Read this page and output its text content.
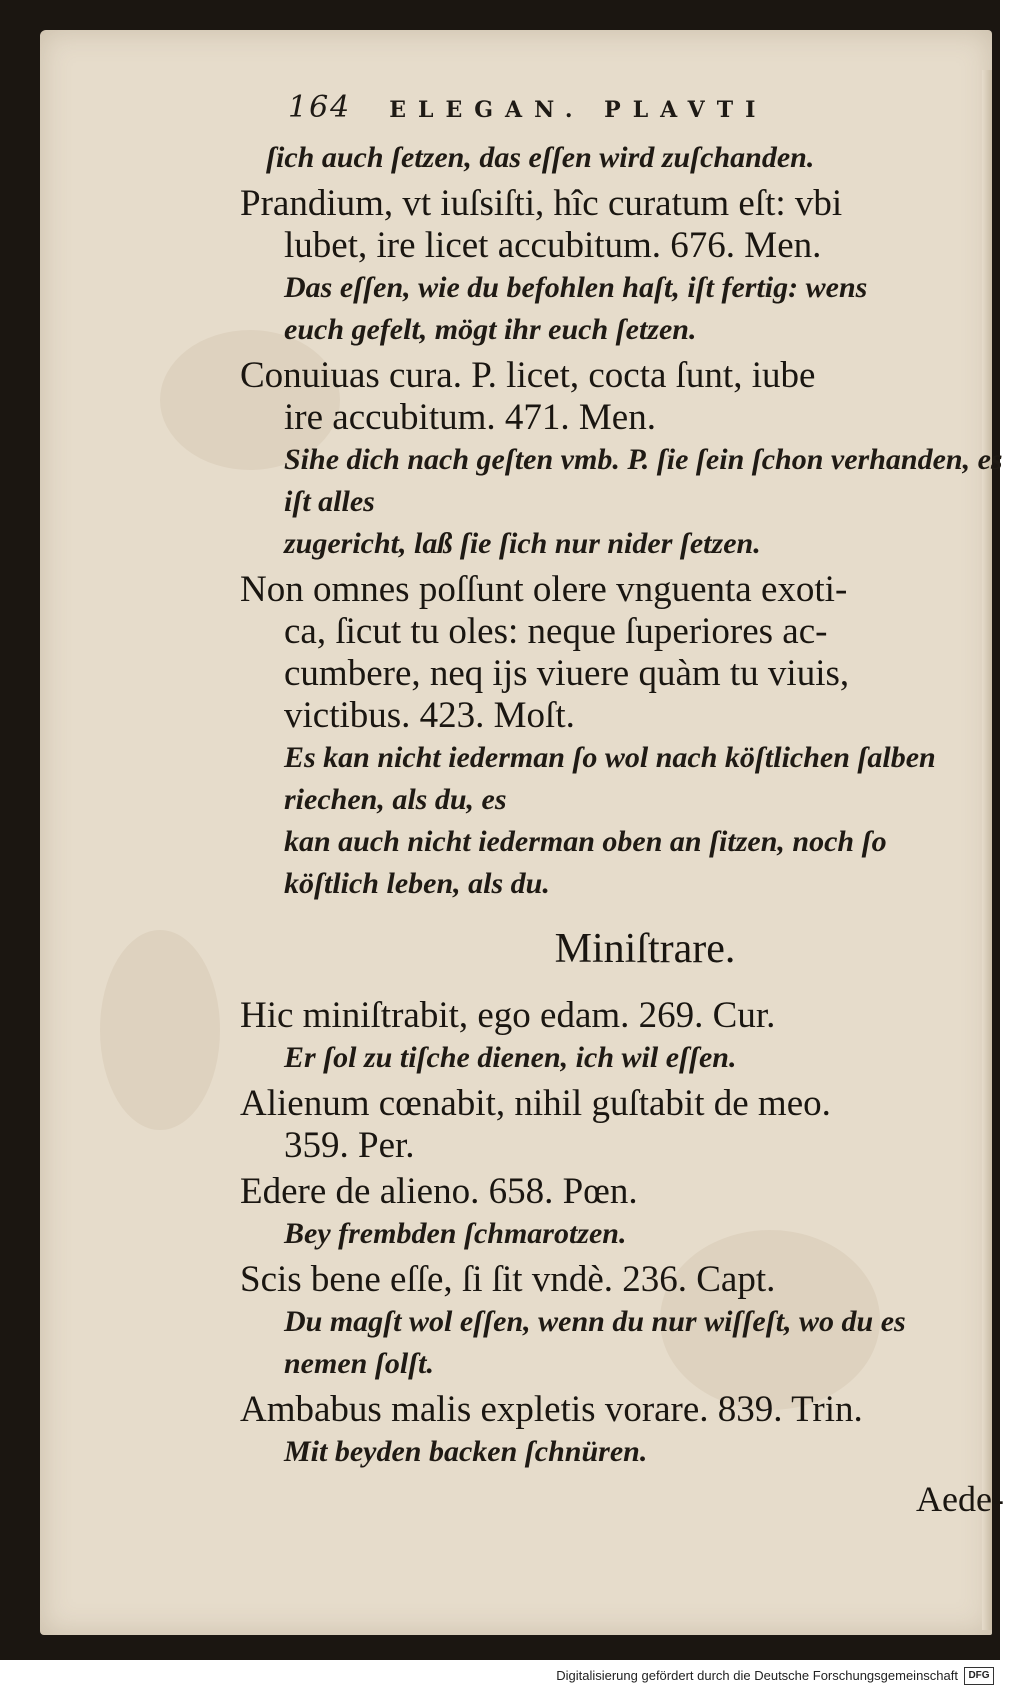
164 ELEGAN. PLAVTI
ſich auch ſetzen, das eſſen wird zuſchanden.
Prandium, vt iuſsiſti, hîc curatum eſt: vbi
lubet, ire licet accubitum. 676. Men.
Das eſſen, wie du befohlen haſt, iſt fertig: wens
euch gefelt, mögt ihr euch ſetzen.
Conuiuas cura. P. licet, cocta ſunt, iube
ire accubitum. 471. Men.
Sihe dich nach geſten vmb. P. ſie ſein ſchon verhanden, es iſt alles
zugericht, laß ſie ſich nur nider ſetzen.
Non omnes poſſunt olere vnguenta exoti-
ca, ſicut tu oles: neque ſuperiores ac-
cumbere, neq ijs viuere quàm tu viuis,
victibus. 423. Moſt.
Es kan nicht iederman ſo wol nach köſtlichen ſalben riechen, als du, es
kan auch nicht iederman oben an ſitzen, noch ſo
köſtlich leben, als du.
Miniſtrare.
Hic miniſtrabit, ego edam. 269. Cur.
Er ſol zu tiſche dienen, ich wil eſſen.
Alienum cœnabit, nihil guſtabit de meo.
359. Per.
Edere de alieno. 658. Pœn.
Bey frembden ſchmarotzen.
Scis bene eſſe, ſi ſit vndè. 236. Capt.
Du magſt wol eſſen, wenn du nur wiſſeſt, wo du es
nemen ſolſt.
Ambabus malis expletis vorare. 839. Trin.
Mit beyden backen ſchnüren.
Aede-
Digitalisierung gefördert durch die Deutsche Forschungsgemeinschaft	DFG
